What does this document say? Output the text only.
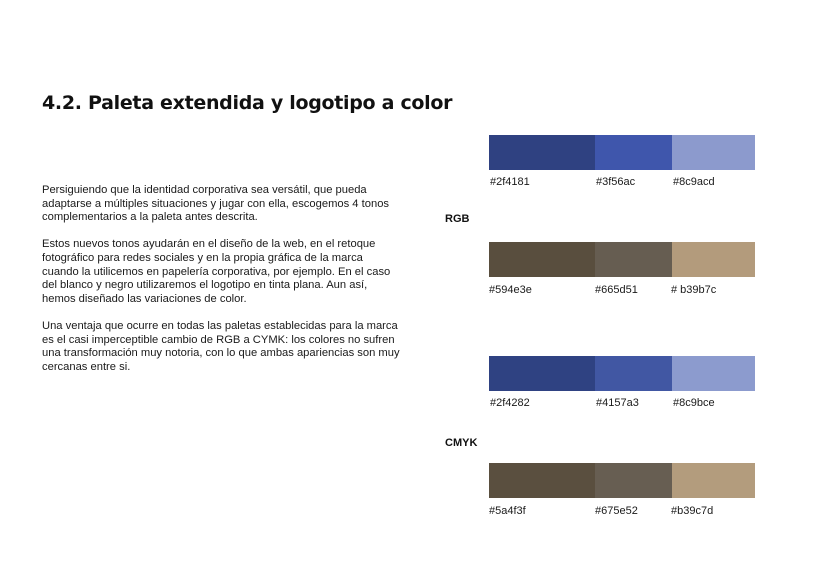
4.2. Paleta extendida y logotipo a color

Persiguiendo que la identidad corporativa sea versátil, que pueda adaptarse a múltiples situaciones y jugar con ella, escogemos 4 tonos complementarios a la paleta antes descrita.

Estos nuevos tonos ayudarán en el diseño de la web, en el retoque fotográfico para redes sociales y en la propia gráfica de la marca cuando la utilicemos en papelería corporativa, por ejemplo. En el caso del blanco y negro utilizaremos el logotipo en tinta plana. Aun así, hemos diseñado las variaciones de color.

Una ventaja que ocurre en todas las paletas establecidas para la marca es el casi imperceptible cambio de RGB a CYMK: los colores no sufren una transformación muy notoria, con lo que ambas apariencias son muy cercanas entre si.

#2f4181	#3f56ac	#8c9acd
RGB
#594e3e	#665d51	# b39b7c
#2f4282	#4157a3	#8c9bce
CMYK
#5a4f3f	#675e52	#b39c7d
